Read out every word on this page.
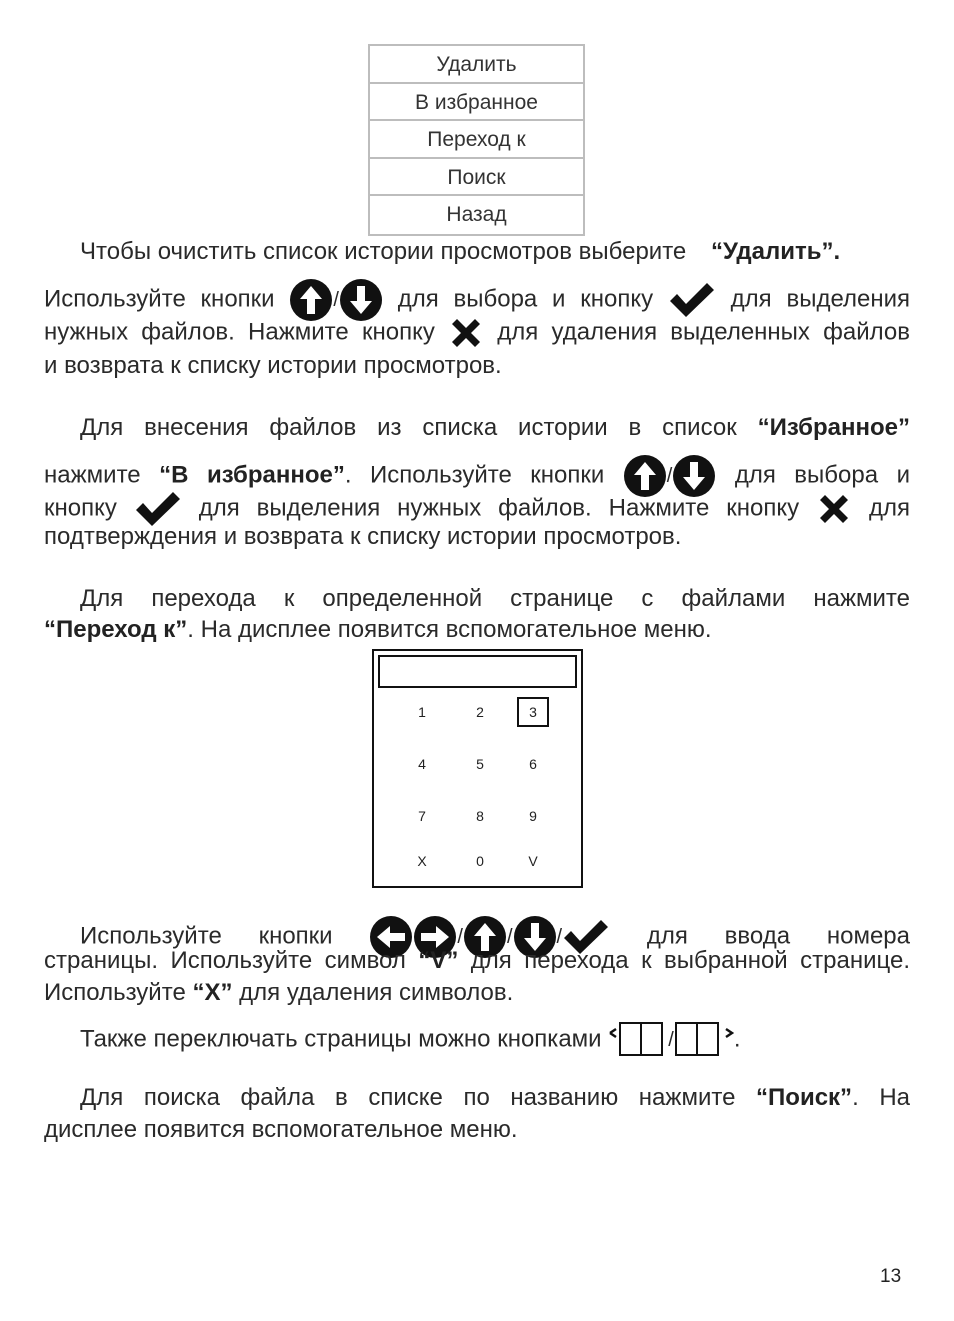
Удалить
В избранное
Переход к
Поиск
Назад
Чтобы очистить список истории просмотров выберите “Удалить”.
Используйте кнопки	/ для выбора и кнопку	для выделения
нужных файлов. Нажмите кнопку	для удаления выделенных файлов
и возврата к списку истории просмотров.
Для внесения файлов из списка истории в список “Избранное”
нажмите “В избранное”. Используйте кнопки	/	для выбора и
кнопку	для выделения нужных файлов. Нажмите кнопку	для
подтверждения и возврата к списку истории просмотров.
Для перехода к определенной странице с файлами нажмите
“Переход к”. На дисплее появится вспомогательное меню.
1	2	3
4	5	6
7	8	9
X	0	V
Используйте кнопки	/ / /	для ввода номера
страницы. Используйте символ “V” для перехода к выбранной странице.
Используйте “X” для удаления символов.
Также переключать страницы можно кнопками	/	.
Для поиска файла в списке по названию нажмите “Поиск”. На
дисплее появится вспомогательное меню.
13
